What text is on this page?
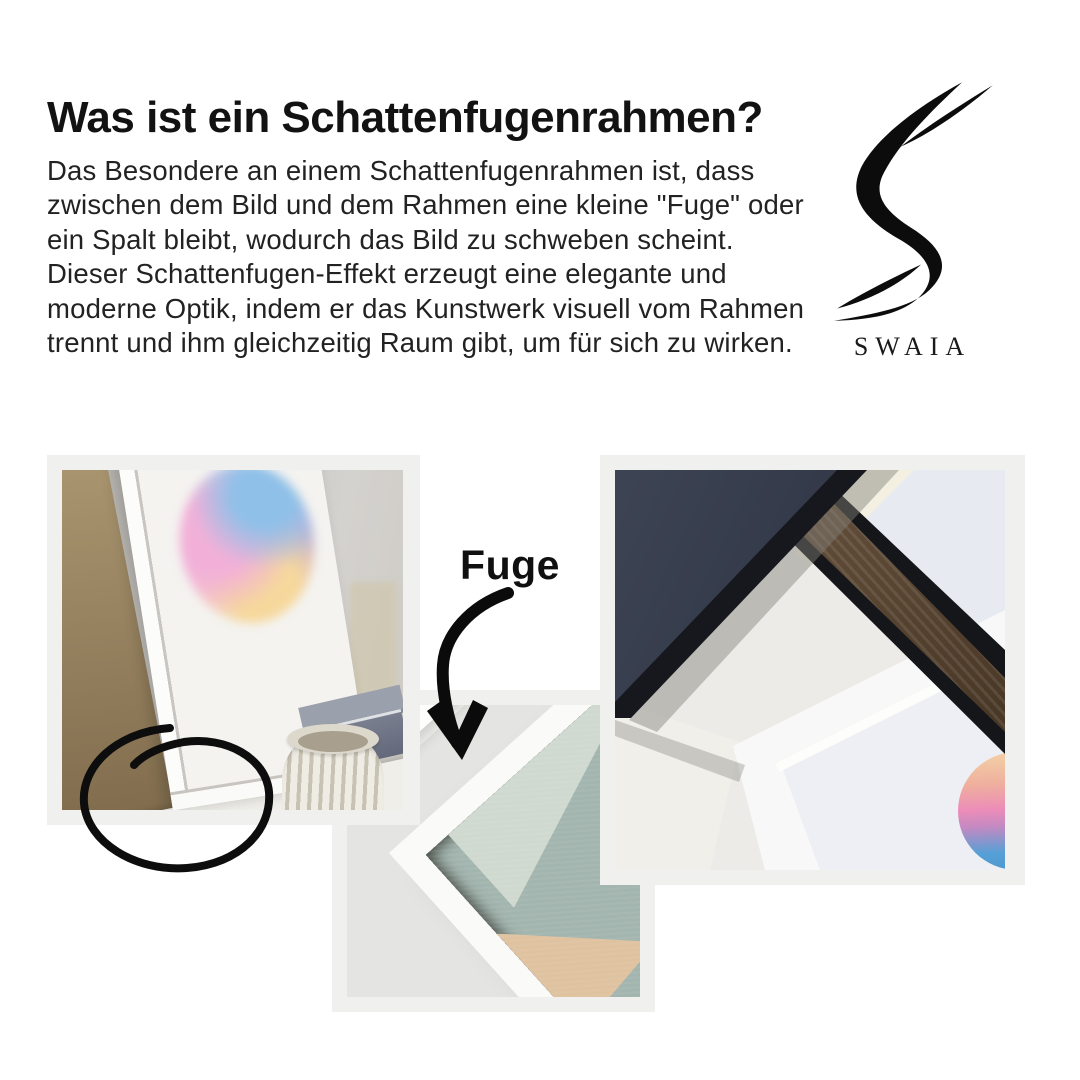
Was ist ein Schattenfugenrahmen?

Das Besondere an einem Schattenfugenrahmen ist, dass zwischen dem Bild und dem Rahmen eine kleine "Fuge" oder ein Spalt bleibt, wodurch das Bild zu schweben scheint. Dieser Schattenfugen-Effekt erzeugt eine elegante und moderne Optik, indem er das Kunstwerk visuell vom Rahmen trennt und ihm gleichzeitig Raum gibt, um für sich zu wirken.	SWAIA
Fuge
